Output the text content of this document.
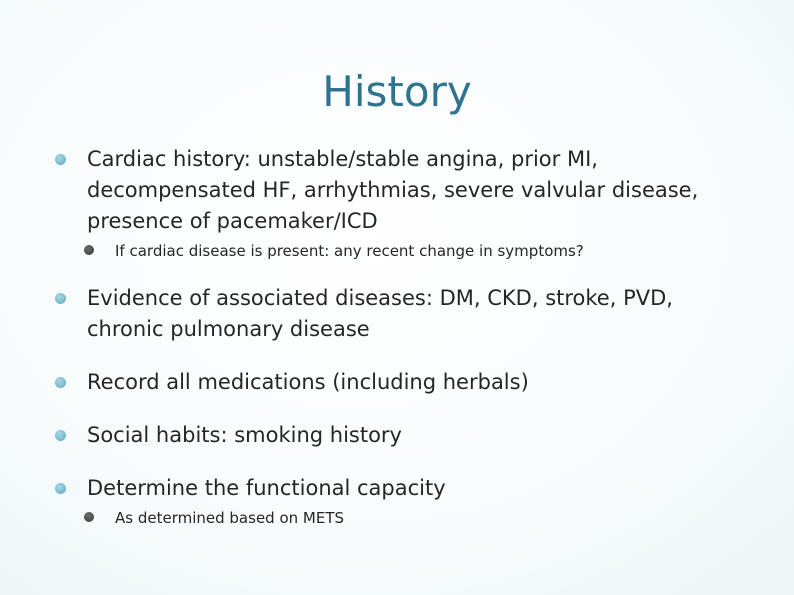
History
Cardiac history: unstable/stable angina, prior MI, decompensated HF, arrhythmias, severe valvular disease, presence of pacemaker/ICD
If cardiac disease is present: any recent change in symptoms?
Evidence of associated diseases: DM, CKD, stroke, PVD, chronic pulmonary disease
Record all medications (including herbals)
Social habits: smoking history
Determine the functional capacity
As determined based on METS
